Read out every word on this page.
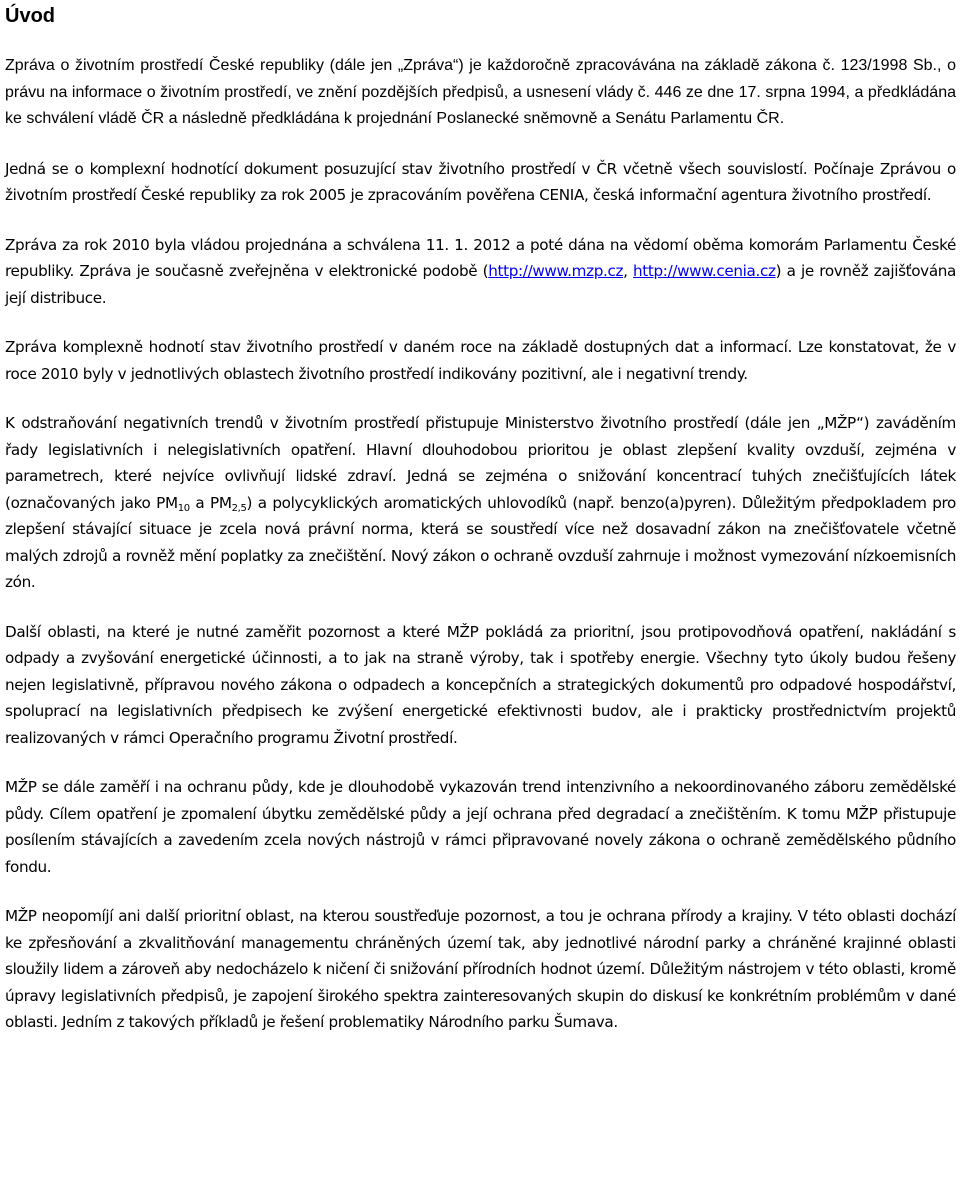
Úvod

Zpráva o životním prostředí České republiky (dále jen „Zpráva“) je každoročně zpracovávána na základě zákona č. 123/1998 Sb., o právu na informace o životním prostředí, ve znění pozdějších předpisů, a usnesení vlády č. 446 ze dne 17. srpna 1994, a předkládána ke schválení vládě ČR a následně předkládána k projednání Poslanecké sněmovně a Senátu Parlamentu ČR.

Jedná se o komplexní hodnotící dokument posuzující stav životního prostředí v ČR včetně všech souvislostí. Počínaje Zprávou o životním prostředí České republiky za rok 2005 je zpracováním pověřena CENIA, česká informační agentura životního prostředí.

Zpráva za rok 2010 byla vládou projednána a schválena 11. 1. 2012 a poté dána na vědomí oběma komorám Parlamentu České republiky. Zpráva je současně zveřejněna v elektronické podobě (http://www.mzp.cz, http://www.cenia.cz) a je rovněž zajišťována její distribuce.

Zpráva komplexně hodnotí stav životního prostředí v daném roce na základě dostupných dat a informací. Lze konstatovat, že v roce 2010 byly v jednotlivých oblastech životního prostředí indikovány pozitivní, ale i negativní trendy.

K odstraňování negativních trendů v životním prostředí přistupuje Ministerstvo životního prostředí (dále jen „MŽP“) zaváděním řady legislativních i nelegislativních opatření. Hlavní dlouhodobou prioritou je oblast zlepšení kvality ovzduší, zejména v parametrech, které nejvíce ovlivňují lidské zdraví. Jedná se zejména o snižování koncentrací tuhých znečišťujících látek (označovaných jako $PM_{10}$ a $PM_{2,5}$) a polycyklických aromatických uhlovodíků (např. benzo(a)pyren). Důležitým předpokladem pro zlepšení stávající situace je zcela nová právní norma, která se soustředí více než dosavadní zákon na znečišťovatele včetně malých zdrojů a rovněž mění poplatky za znečištění. Nový zákon o ochraně ovzduší zahrnuje i možnost vymezování nízkoemisních zón.

Další oblasti, na které je nutné zaměřit pozornost a které MŽP pokládá za prioritní, jsou protipovodňová opatření, nakládání s odpady a zvyšování energetické účinnosti, a to jak na straně výroby, tak i spotřeby energie. Všechny tyto úkoly budou řešeny nejen legislativně, přípravou nového zákona o odpadech a koncepčních a strategických dokumentů pro odpadové hospodářství, spoluprací na legislativních předpisech ke zvýšení energetické efektivnosti budov, ale i prakticky prostřednictvím projektů realizovaných v rámci Operačního programu Životní prostředí.

MŽP se dále zaměří i na ochranu půdy, kde je dlouhodobě vykazován trend intenzivního a nekoordinovaného záboru zemědělské půdy. Cílem opatření je zpomalení úbytku zemědělské půdy a její ochrana před degradací a znečištěním. K tomu MŽP přistupuje posílením stávajících a zavedením zcela nových nástrojů v rámci připravované novely zákona o ochraně zemědělského půdního fondu.

MŽP neopomíjí ani další prioritní oblast, na kterou soustřeďuje pozornost, a tou je ochrana přírody a krajiny. V této oblasti dochází ke zpřesňování a zkvalitňování managementu chráněných území tak, aby jednotlivé národní parky a chráněné krajinné oblasti sloužily lidem a zároveň aby nedocházelo k ničení či snižování přírodních hodnot území. Důležitým nástrojem v této oblasti, kromě úpravy legislativních předpisů, je zapojení širokého spektra zainteresovaných skupin do diskusí ke konkrétním problémům v dané oblasti. Jedním z takových příkladů je řešení problematiky Národního parku Šumava.
